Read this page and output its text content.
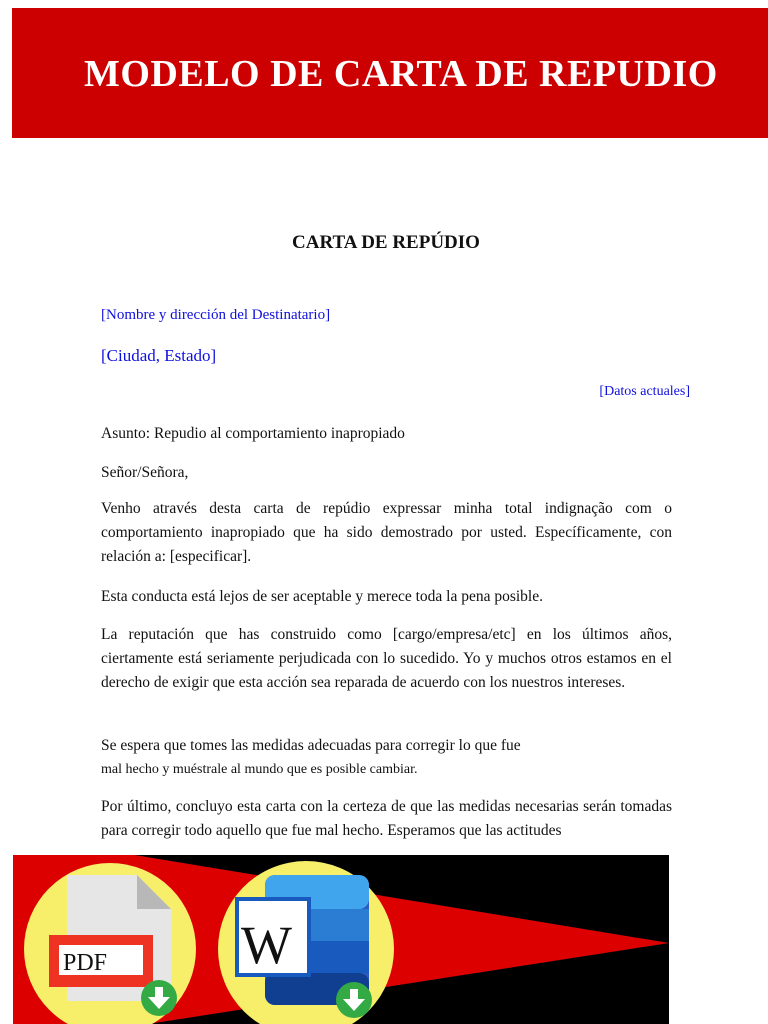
MODELO DE CARTA DE REPUDIO
CARTA DE REPÚDIO
[Nombre y dirección del Destinatario]
[Ciudad, Estado]
[Datos actuales]
Asunto: Repudio al comportamiento inapropiado
Señor/Señora,
Venho através desta carta de repúdio expressar minha total indignação com o comportamiento inapropiado que ha sido demostrado por usted. Específicamente, con relación a: [especificar].
Esta conducta está lejos de ser aceptable y merece toda la pena posible.
La reputación que has construido como [cargo/empresa/etc] en los últimos años, ciertamente está seriamente perjudicada con lo sucedido. Yo y muchos otros estamos en el derecho de exigir que esta acción sea reparada de acuerdo con los nuestros intereses.
Se espera que tomes las medidas adecuadas para corregir lo que fue
mal hecho y muéstrale al mundo que es posible cambiar.
Por último, concluyo esta carta con la certeza de que las medidas necesarias serán tomadas para corregir todo aquello que fue mal hecho. Esperamos que las actitudes
PDF W
